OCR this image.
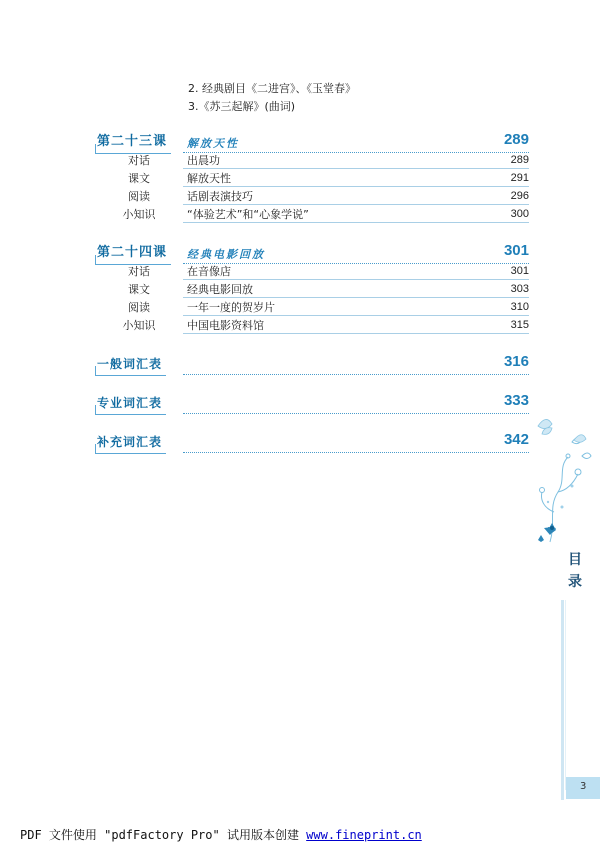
2. 经典剧目《二进宫》、《玉堂春》
3.《苏三起解》(曲词)
第二十三课 解放天性	289
对话	出晨功	289
课文	解放天性	291
阅读	话剧表演技巧	296
小知识	“体验艺术”和“心象学说”	300
第二十四课 经典电影回放	301
对话	在音像店	301
课文	经典电影回放	303
阅读	一年一度的贺岁片	310
小知识	中国电影资料馆	315
一般词汇表	316
专业词汇表	333
补充词汇表	342
目录
3
PDF 文件使用 "pdfFactory Pro" 试用版本创建 www.fineprint.cn
